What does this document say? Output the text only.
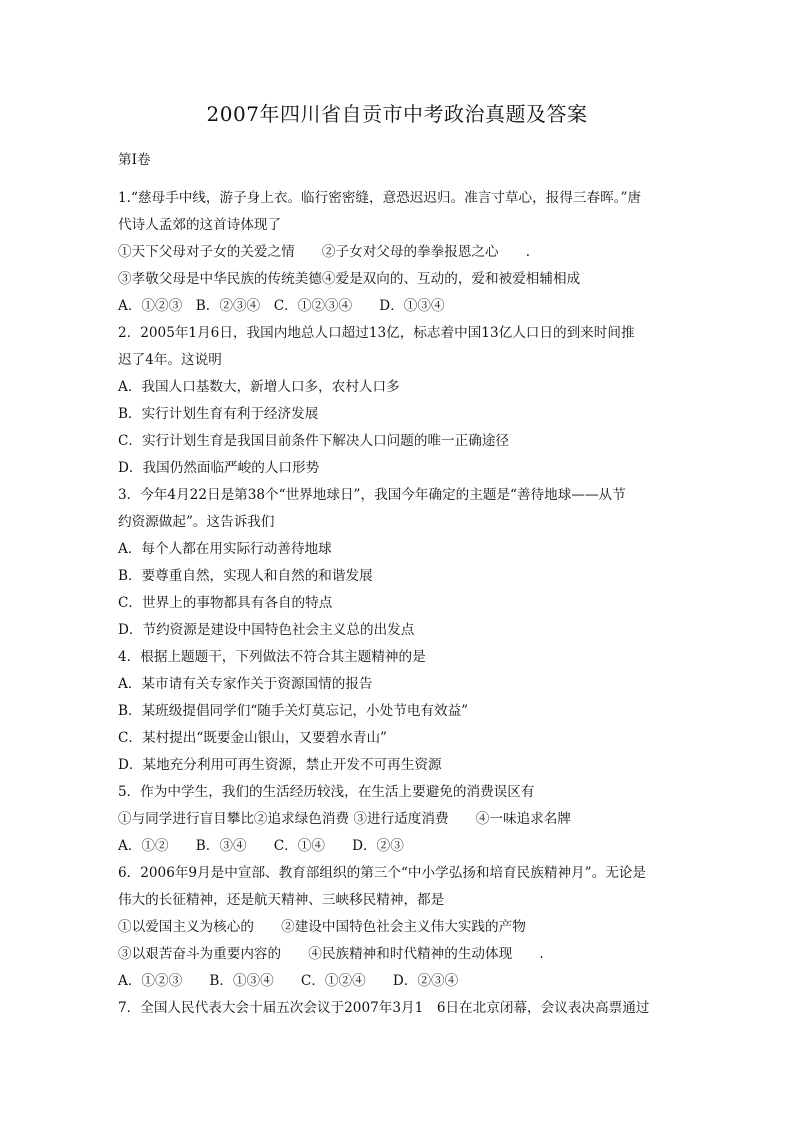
2007年四川省自贡市中考政治真题及答案
第Ⅰ卷
1.“慈母手中线，游子身上衣。临行密密缝，意恐迟迟归。准言寸草心，报得三春晖。”唐
代诗人孟郊的这首诗体现了
①天下父母对子女的关爱之情　　②子女对父母的拳拳报恩之心　　.
③孝敬父母是中华民族的传统美德④爱是双向的、互动的，爱和被爱相辅相成
A．①②③　B．②③④　C．①②③④　　D．①③④
2．2005年1月6日，我国内地总人口超过13亿，标志着中国13亿人口日的到来时间推
迟了4年。这说明
A．我国人口基数大，新增人口多，农村人口多
B．实行计划生育有利于经济发展
C．实行计划生育是我国目前条件下解决人口问题的唯一正确途径
D．我国仍然面临严峻的人口形势
3．今年4月22日是第38个“世界地球日”，我国今年确定的主题是“善待地球——从节
约资源做起”。这告诉我们
A．每个人都在用实际行动善待地球
B．要尊重自然，实现人和自然的和谐发展
C．世界上的事物都具有各自的特点
D．节约资源是建设中国特色社会主义总的出发点
4．根据上题题干，下列做法不符合其主题精神的是
A．某市请有关专家作关于资源国情的报告
B．某班级提倡同学们“随手关灯莫忘记，小处节电有效益”
C．某村提出“既要金山银山，又要碧水青山”
D．某地充分利用可再生资源，禁止开发不可再生资源
5．作为中学生，我们的生活经历较浅，在生活上要避免的消费误区有
①与同学进行盲目攀比②追求绿色消费 ③进行适度消费　　④一味追求名牌
A．①②　　B．③④　　C．①④　　D．②③
6．2006年9月是中宣部、教育部组织的第三个“中小学弘扬和培育民族精神月”。无论是
伟大的长征精神，还是航天精神、三峡移民精神，都是
①以爱国主义为核心的　　②建设中国特色社会主义伟大实践的产物
③以艰苦奋斗为重要内容的　　④民族精神和时代精神的生动体现　　.
A．①②③　　B．①③④　　C．①②④　　D．②③④
7．全国人民代表大会十届五次会议于2007年3月1　6日在北京闭幕，会议表决高票通过
